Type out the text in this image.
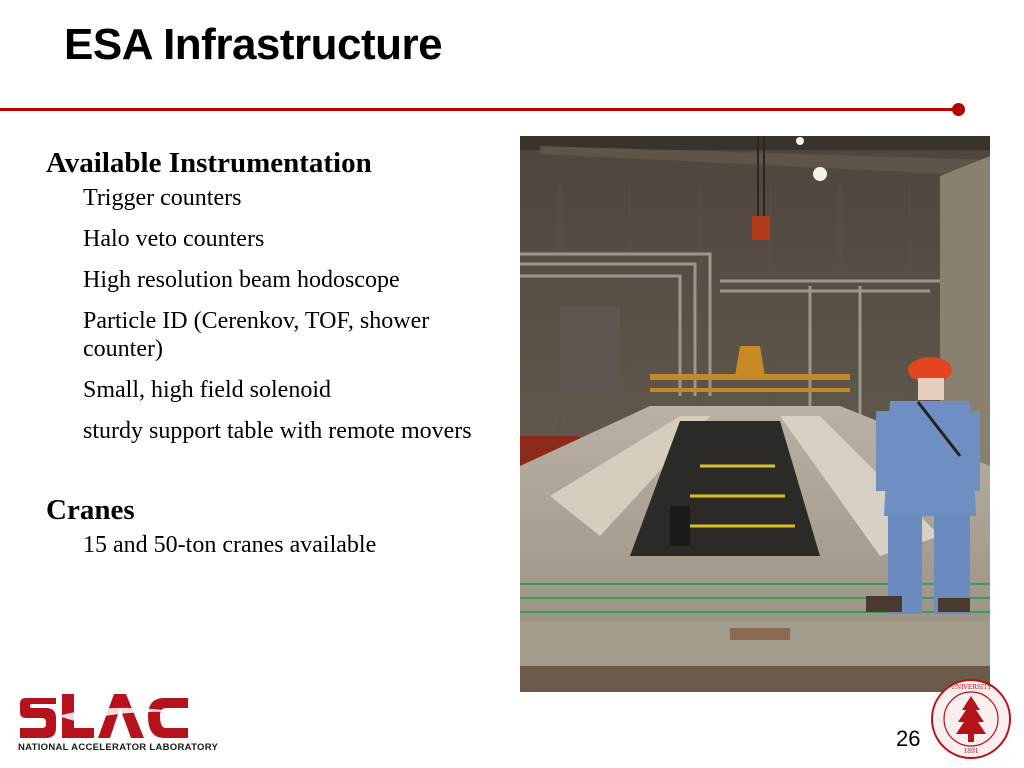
ESA Infrastructure
Available Instrumentation
Trigger counters
Halo veto counters
High resolution beam hodoscope
Particle ID (Cerenkov, TOF, shower counter)
Small, high field solenoid
sturdy support table with remote movers
Cranes
15 and 50-ton cranes available
NATIONAL ACCELERATOR LABORATORY	26
UNIVERSITY
1891
